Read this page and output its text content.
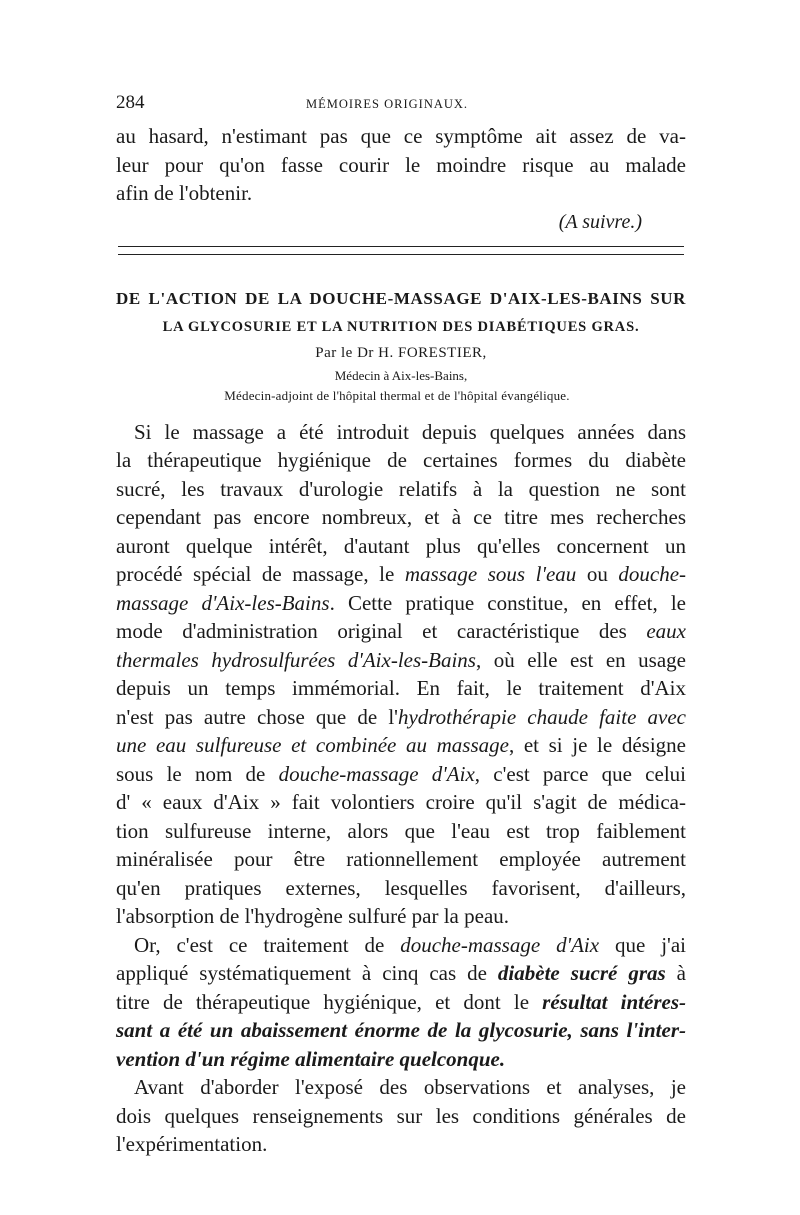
284	MÉMOIRES ORIGINAUX.
au hasard, n'estimant pas que ce symptôme ait assez de va-
leur pour qu'on fasse courir le moindre risque au malade
afin de l'obtenir.
(A suivre.)
DE L'ACTION DE LA DOUCHE-MASSAGE D'AIX-LES-BAINS SUR
LA GLYCOSURIE ET LA NUTRITION DES DIABÉTIQUES GRAS.
Par le Dr H. FORESTIER,
Médecin à Aix-les-Bains,
Médecin-adjoint de l'hôpital thermal et de l'hôpital évangélique.
Si le massage a été introduit depuis quelques années dans
la thérapeutique hygiénique de certaines formes du diabète
sucré, les travaux d'urologie relatifs à la question ne sont
cependant pas encore nombreux, et à ce titre mes recherches
auront quelque intérêt, d'autant plus qu'elles concernent un
procédé spécial de massage, le massage sous l'eau ou douche-
massage d'Aix-les-Bains. Cette pratique constitue, en effet, le
mode d'administration original et caractéristique des eaux
thermales hydrosulfurées d'Aix-les-Bains, où elle est en usage
depuis un temps immémorial. En fait, le traitement d'Aix
n'est pas autre chose que de l'hydrothérapie chaude faite avec
une eau sulfureuse et combinée au massage, et si je le désigne
sous le nom de douche-massage d'Aix, c'est parce que celui
d' « eaux d'Aix » fait volontiers croire qu'il s'agit de médica-
tion sulfureuse interne, alors que l'eau est trop faiblement
minéralisée pour être rationnellement employée autrement
qu'en pratiques externes, lesquelles favorisent, d'ailleurs,
l'absorption de l'hydrogène sulfuré par la peau.
Or, c'est ce traitement de douche-massage d'Aix que j'ai
appliqué systématiquement à cinq cas de diabète sucré gras à
titre de thérapeutique hygiénique, et dont le résultat intéres-
sant a été un abaissement énorme de la glycosurie, sans l'inter-
vention d'un régime alimentaire quelconque.
Avant d'aborder l'exposé des observations et analyses, je
dois quelques renseignements sur les conditions générales de
l'expérimentation.
